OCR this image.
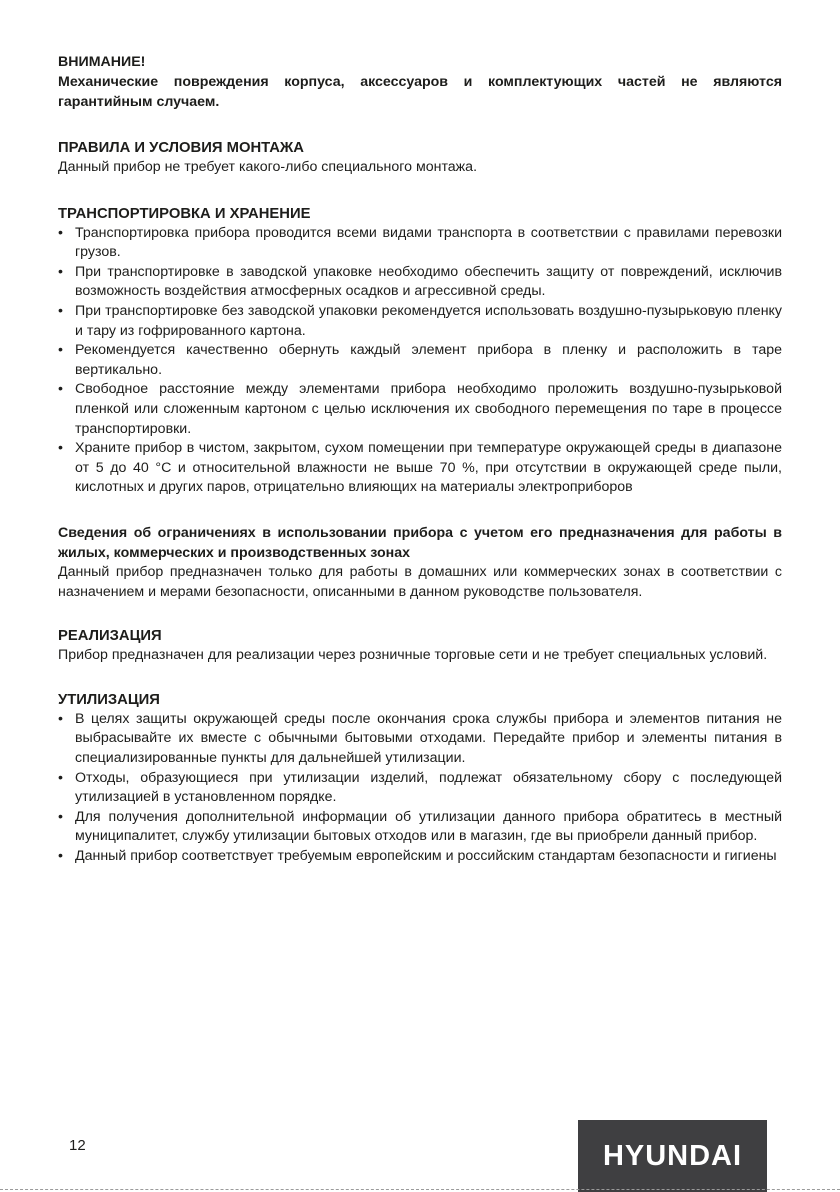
ВНИМАНИЕ!
Механические повреждения корпуса, аксессуаров и комплектующих частей не являются гарантийным случаем.
ПРАВИЛА И УСЛОВИЯ МОНТАЖА

Данный прибор не требует какого-либо специального монтажа.

ТРАНСПОРТИРОВКА И ХРАНЕНИЕ
• Транспортировка прибора проводится всеми видами транспорта в соответствии с правилами перевозки грузов.
• При транспортировке в заводской упаковке необходимо обеспечить защиту от повреждений, исключив возможность воздействия атмосферных осадков и агрессивной среды.
• При транспортировке без заводской упаковки рекомендуется использовать воздушно-пузырьковую пленку и тару из гофрированного картона.
• Рекомендуется качественно обернуть каждый элемент прибора в пленку и расположить в таре вертикально.
• Свободное расстояние между элементами прибора необходимо проложить воздушно-пузырьковой пленкой или сложенным картоном с целью исключения их свободного перемещения по таре в процессе транспортировки.
• Храните прибор в чистом, закрытом, сухом помещении при температуре окружающей среды в диапазоне от 5 до 40 °С и относительной влажности не выше 70 %, при отсутствии в окружающей среде пыли, кислотных и других паров, отрицательно влияющих на материалы электроприборов

Сведения об ограничениях в использовании прибора с учетом его предназначения для работы в жилых, коммерческих и производственных зонах

Данный прибор предназначен только для работы в домашних или коммерческих зонах в соответствии с назначением и мерами безопасности, описанными в данном руководстве пользователя.

РЕАЛИЗАЦИЯ

Прибор предназначен для реализации через розничные торговые сети и не требует специальных условий.

УТИЛИЗАЦИЯ
• В целях защиты окружающей среды после окончания срока службы прибора и элементов питания не выбрасывайте их вместе с обычными бытовыми отходами. Передайте прибор и элементы питания в специализированные пункты для дальнейшей утилизации.
• Отходы, образующиеся при утилизации изделий, подлежат обязательному сбору с последующей утилизацией в установленном порядке.
• Для получения дополнительной информации об утилизации данного прибора обратитесь в местный муниципалитет, службу утилизации бытовых отходов или в магазин, где вы приобрели данный прибор.
• Данный прибор соответствует требуемым европейским и российским стандартам безопасности и гигиены
12	HYUNDAI
